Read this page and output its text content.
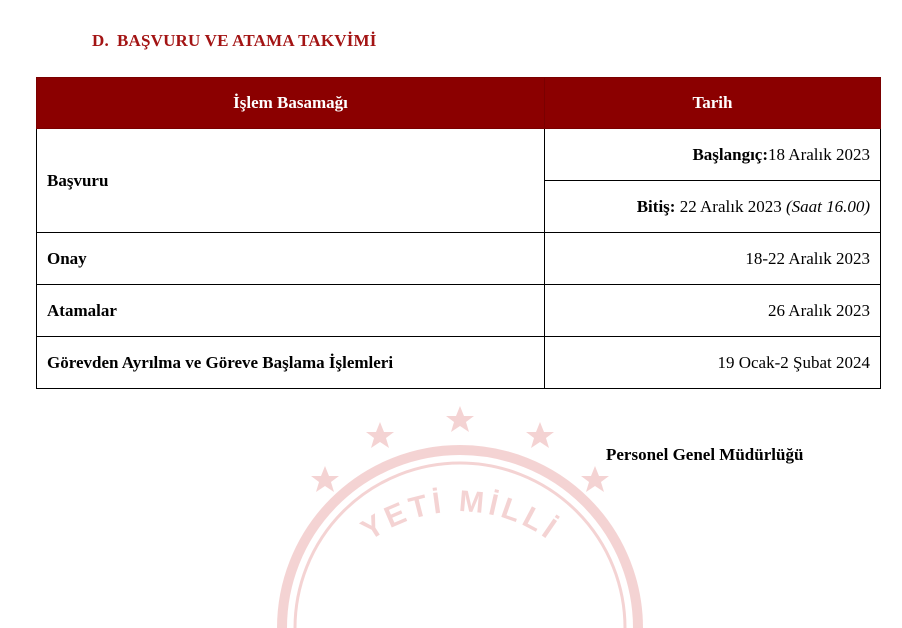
D. BAŞVURU VE ATAMA TAKVİMİ
YETİ MİLLİ
İşlem Basamağı	Tarih
Başvuru	Başlangıç:18 Aralık 2023
	Bitiş: 22 Aralık 2023 (Saat 16.00)
Onay	18-22 Aralık 2023
Atamalar	26 Aralık 2023
Görevden Ayrılma ve Göreve Başlama İşlemleri	19 Ocak-2 Şubat 2024
Personel Genel Müdürlüğü
